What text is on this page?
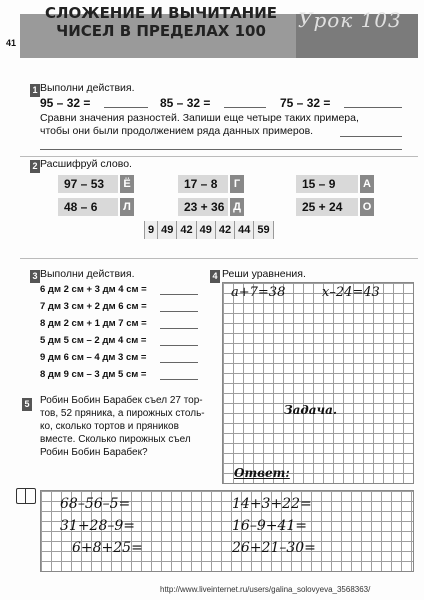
СЛОЖЕНИЕ И ВЫЧИТАНИЕ
ЧИСЕЛ В ПРЕДЕЛАХ 100	Урок 103
41
1 Выполни действия.
95 – 32 =	85 – 32 =	75 – 32 =
Сравни значения разностей. Запиши еще четыре таких примера,
чтобы они были продолжением ряда данных примеров.
2 Расшифруй слово.
97 – 53	Ё	17 – 8	Г	15 – 9	А
48 – 6	Л	23 + 36 Д	25 + 24	О
9 49 42 49 42 44 59
3 Выполни действия.
6 дм 2 см + 3 дм 4 см =
7 дм 3 см + 2 дм 6 см =
8 дм 2 см + 1 дм 7 см =
5 дм 5 см – 2 дм 4 см =
9 дм 6 см – 4 дм 3 см =
8 дм 9 см – 3 дм 5 см =
4 Реши уравнения.
a+7=38	x–24=43
Задача.
Ответ:
5 Робин Бобин Барабек съел 27 тор-
тов, 52 пряника, а пирожных столь-
ко, сколько тортов и пряников
вместе. Сколько пирожных съел
Робин Бобин Барабек?
68–56–5=
31+28–9=
6+8+25=
14+3+22=
16–9+41=
26+21–30=
http://www.liveinternet.ru/users/galina_solovyeva_3568363/
